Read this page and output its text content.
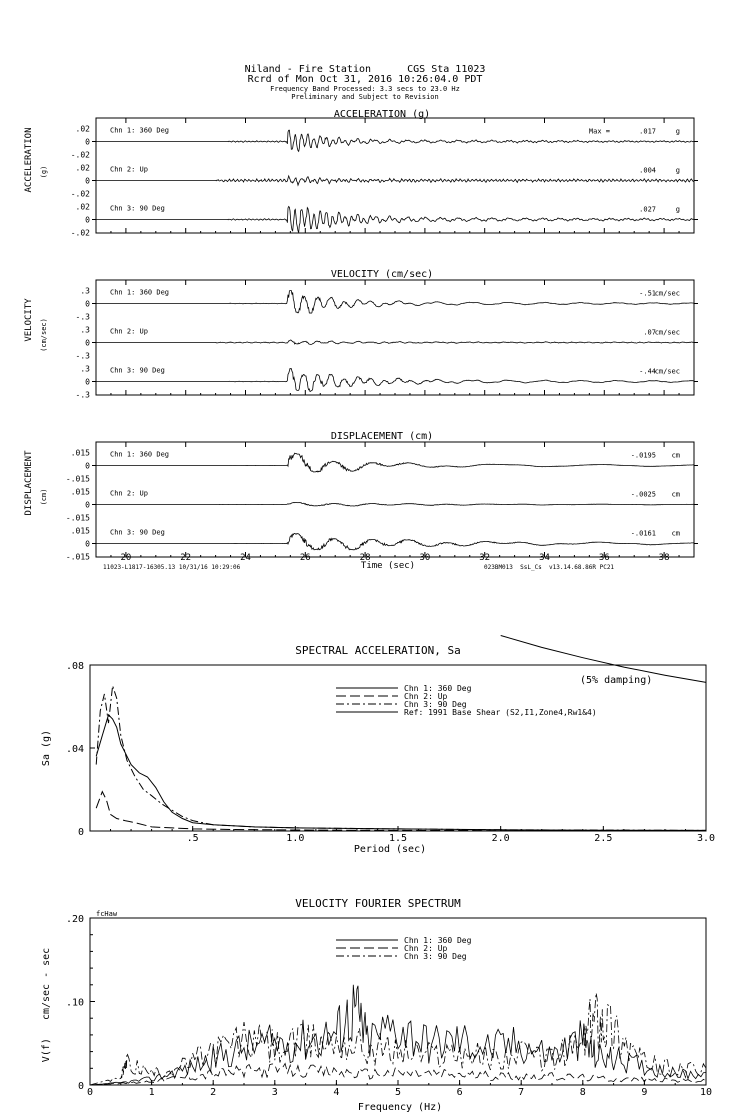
Niland - Fire Station      CGS Sta 11023
Rcrd of Mon Oct 31, 2016 10:26:04.0 PDT
Frequency Band Processed: 3.3 secs to 23.0 Hz
Preliminary and Subject to Revision
ACCELERATION (g)
ACCELERATION (g)
VELOCITY (cm/sec)
VELOCITY (cm/sec)
DISPLACEMENT (cm)
DISPLACEMENT (cm)
Time (sec)
11023-L1817-16305.13 10/31/16 10:29:06	023BM013  SsL_Cs  v13.14.68.86R PC21
.02
0
-.02
Chn 1: 360 Deg	.017	g
Max =
.02
0
-.02
Chn 2: Up	.004	g
.02
0
-.02
Chn 3: 90 Deg	.027	g
.3
0
-.3
Chn 1: 360 Deg	-.51
cm/sec
.3
0
-.3
Chn 2: Up	.07
cm/sec
.3
0
-.3
Chn 3: 90 Deg	-.44
cm/sec
.015
0
-.015
Chn 1: 360 Deg	-.0195 cm
.015
0
-.015
Chn 2: Up	-.0025 cm
.015
0
-.015
Chn 3: 90 Deg	-.0161 cm
20	22	24	26	28	30	32	34	36	38
SPECTRAL ACCELERATION, Sa
Sa (g)
Period (sec)
(5% damping)
.5	1.0	1.5	2.0	2.5	3.0
.08
.04
0
Chn 1: 360 Deg
Chn 2: Up
Chn 3: 90 Deg
Ref: 1991 Base Shear (S2,I1,Zone4,Rw1&4)
VELOCITY FOURIER SPECTRUM
V(f)   cm/sec - sec
Frequency (Hz)
fcHaw
0	1	2	3	4	5	6	7	8	9	10
.20
.10
0
Chn 1: 360 Deg
Chn 2: Up
Chn 3: 90 Deg
